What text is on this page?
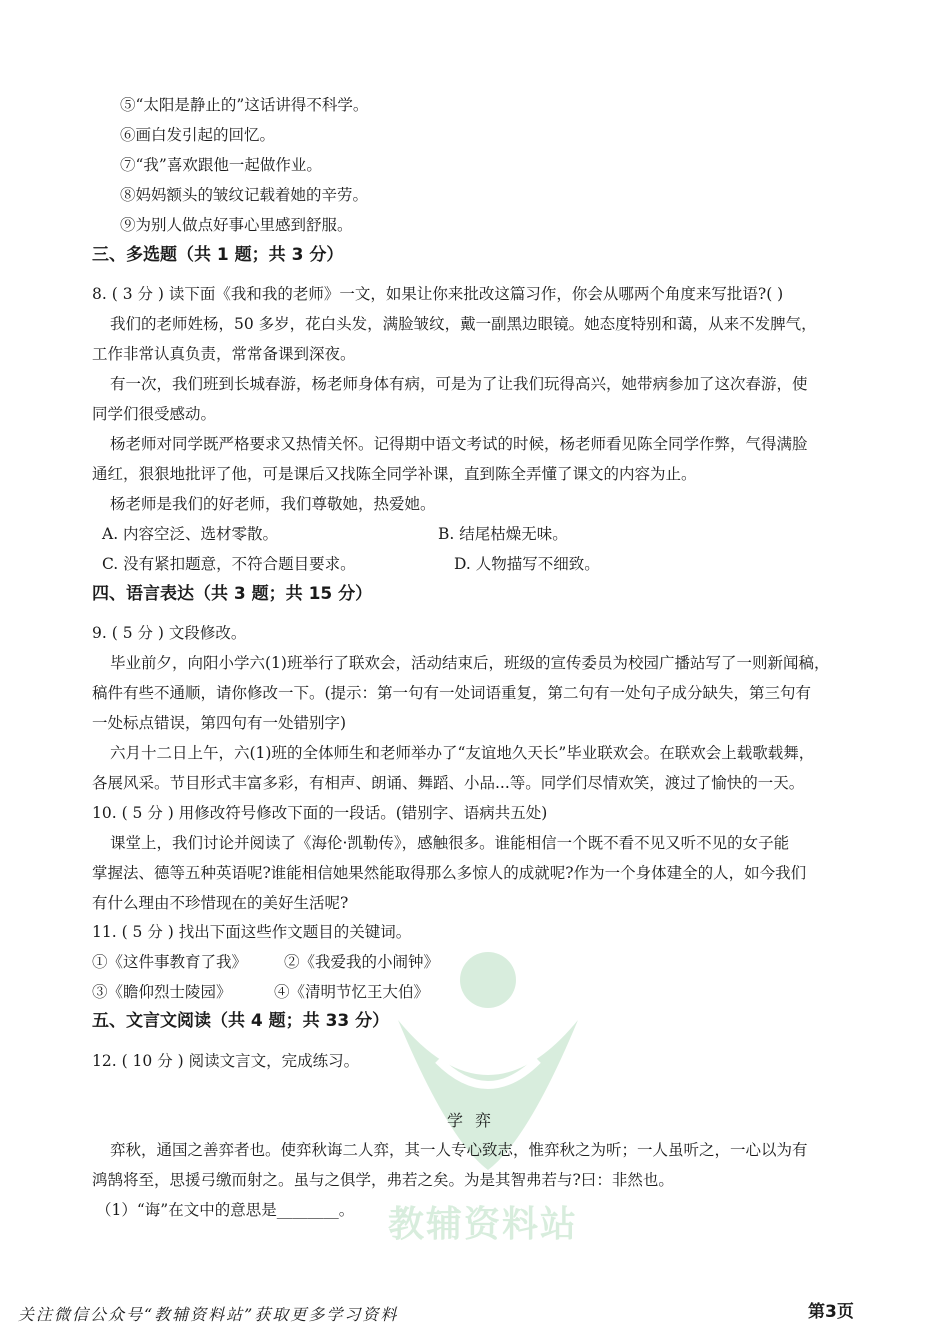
教辅资料站
⑤“太阳是静止的”这话讲得不科学。
⑥画白发引起的回忆。
⑦“我”喜欢跟他一起做作业。
⑧妈妈额头的皱纹记载着她的辛劳。
⑨为别人做点好事心里感到舒服。
三、多选题（共 1 题；共 3 分）
8. ( 3 分 ) 读下面《我和我的老师》一文，如果让你来批改这篇习作，你会从哪两个角度来写批语?( )
我们的老师姓杨，50 多岁，花白头发，满脸皱纹，戴一副黑边眼镜。她态度特别和蔼，从来不发脾气，
工作非常认真负责，常常备课到深夜。
有一次，我们班到长城春游，杨老师身体有病，可是为了让我们玩得高兴，她带病参加了这次春游，使
同学们很受感动。
杨老师对同学既严格要求又热情关怀。记得期中语文考试的时候，杨老师看见陈全同学作弊，气得满脸
通红，狠狠地批评了他，可是课后又找陈全同学补课，直到陈全弄懂了课文的内容为止。
杨老师是我们的好老师，我们尊敬她，热爱她。
A. 内容空泛、选材零散。	B. 结尾枯燥无味。
C. 没有紧扣题意，不符合题目要求。	D. 人物描写不细致。
四、语言表达（共 3 题；共 15 分）
9. ( 5 分 ) 文段修改。
毕业前夕，向阳小学六(1)班举行了联欢会，活动结束后，班级的宣传委员为校园广播站写了一则新闻稿，
稿件有些不通顺，请你修改一下。(提示：第一句有一处词语重复，第二句有一处句子成分缺失，第三句有
一处标点错误，第四句有一处错别字)
六月十二日上午，六(1)班的全体师生和老师举办了“友谊地久天长”毕业联欢会。在联欢会上载歌载舞，
各展风采。节目形式丰富多彩，有相声、朗诵、舞蹈、小品...等。同学们尽情欢笑，渡过了愉快的一天。
10. ( 5 分 ) 用修改符号修改下面的一段话。(错别字、语病共五处)
课堂上，我们讨论并阅读了《海伦·凯勒传》，感触很多。谁能相信一个既不看不见又听不见的女子能
掌握法、德等五种英语呢?谁能相信她果然能取得那么多惊人的成就呢?作为一个身体建全的人，如今我们
有什么理由不珍惜现在的美好生活呢?
11. ( 5 分 ) 找出下面这些作文题目的关键词。
①《这件事教育了我》 ②《我爱我的小闹钟》
③《瞻仰烈士陵园》	④《清明节忆王大伯》
五、文言文阅读（共 4 题；共 33 分）
12. ( 10 分 ) 阅读文言文，完成练习。
学弈
弈秋，通国之善弈者也。使弈秋诲二人弈，其一人专心致志，惟弈秋之为听；一人虽听之，一心以为有
鸿鹄将至，思援弓缴而射之。虽与之俱学，弗若之矣。为是其智弗若与?曰：非然也。
（1）“诲”在文中的意思是________。
关注微信公众号“教辅资料站”获取更多学习资料	第3页
